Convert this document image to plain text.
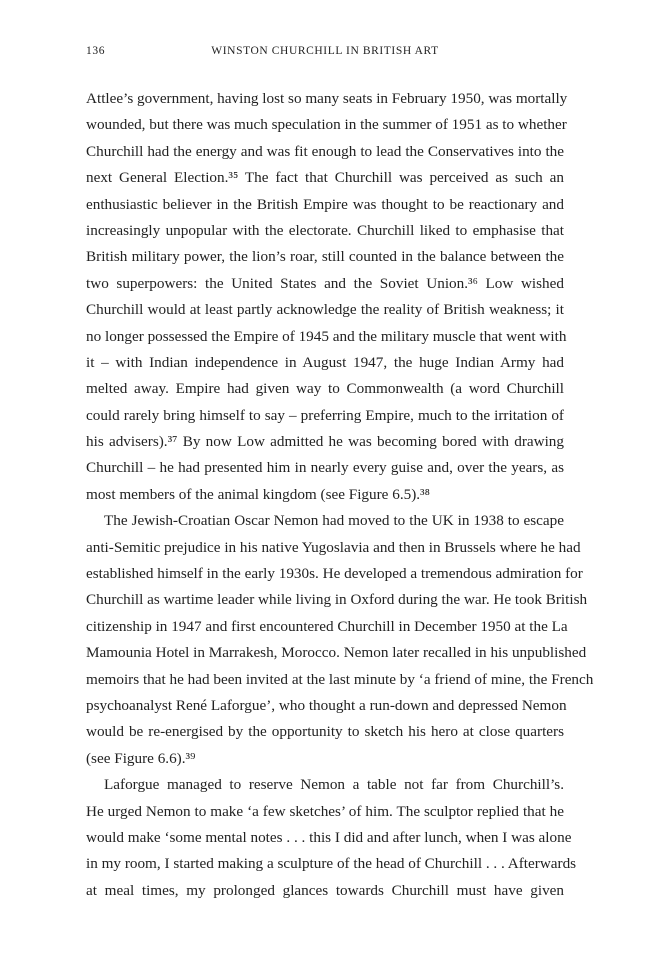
136	WINSTON CHURCHILL IN BRITISH ART
Attlee’s government, having lost so many seats in February 1950, was mortally
wounded, but there was much speculation in the summer of 1951 as to whether
Churchill had the energy and was fit enough to lead the Conservatives into the
next General Election.³⁵ The fact that Churchill was perceived as such an
enthusiastic believer in the British Empire was thought to be reactionary and
increasingly unpopular with the electorate. Churchill liked to emphasise that
British military power, the lion’s roar, still counted in the balance between the
two superpowers: the United States and the Soviet Union.³⁶ Low wished
Churchill would at least partly acknowledge the reality of British weakness; it
no longer possessed the Empire of 1945 and the military muscle that went with
it – with Indian independence in August 1947, the huge Indian Army had
melted away. Empire had given way to Commonwealth (a word Churchill
could rarely bring himself to say – preferring Empire, much to the irritation of
his advisers).³⁷ By now Low admitted he was becoming bored with drawing
Churchill – he had presented him in nearly every guise and, over the years, as
most members of the animal kingdom (see Figure 6.5).³⁸
The Jewish-Croatian Oscar Nemon had moved to the UK in 1938 to escape
anti-Semitic prejudice in his native Yugoslavia and then in Brussels where he had
established himself in the early 1930s. He developed a tremendous admiration for
Churchill as wartime leader while living in Oxford during the war. He took British
citizenship in 1947 and first encountered Churchill in December 1950 at the La
Mamounia Hotel in Marrakesh, Morocco. Nemon later recalled in his unpublished
memoirs that he had been invited at the last minute by ‘a friend of mine, the French
psychoanalyst René Laforgue’, who thought a run-down and depressed Nemon
would be re-energised by the opportunity to sketch his hero at close quarters
(see Figure 6.6).³⁹
Laforgue managed to reserve Nemon a table not far from Churchill’s.
He urged Nemon to make ‘a few sketches’ of him. The sculptor replied that he
would make ‘some mental notes . . . this I did and after lunch, when I was alone
in my room, I started making a sculpture of the head of Churchill . . . Afterwards
at meal times, my prolonged glances towards Churchill must have given
